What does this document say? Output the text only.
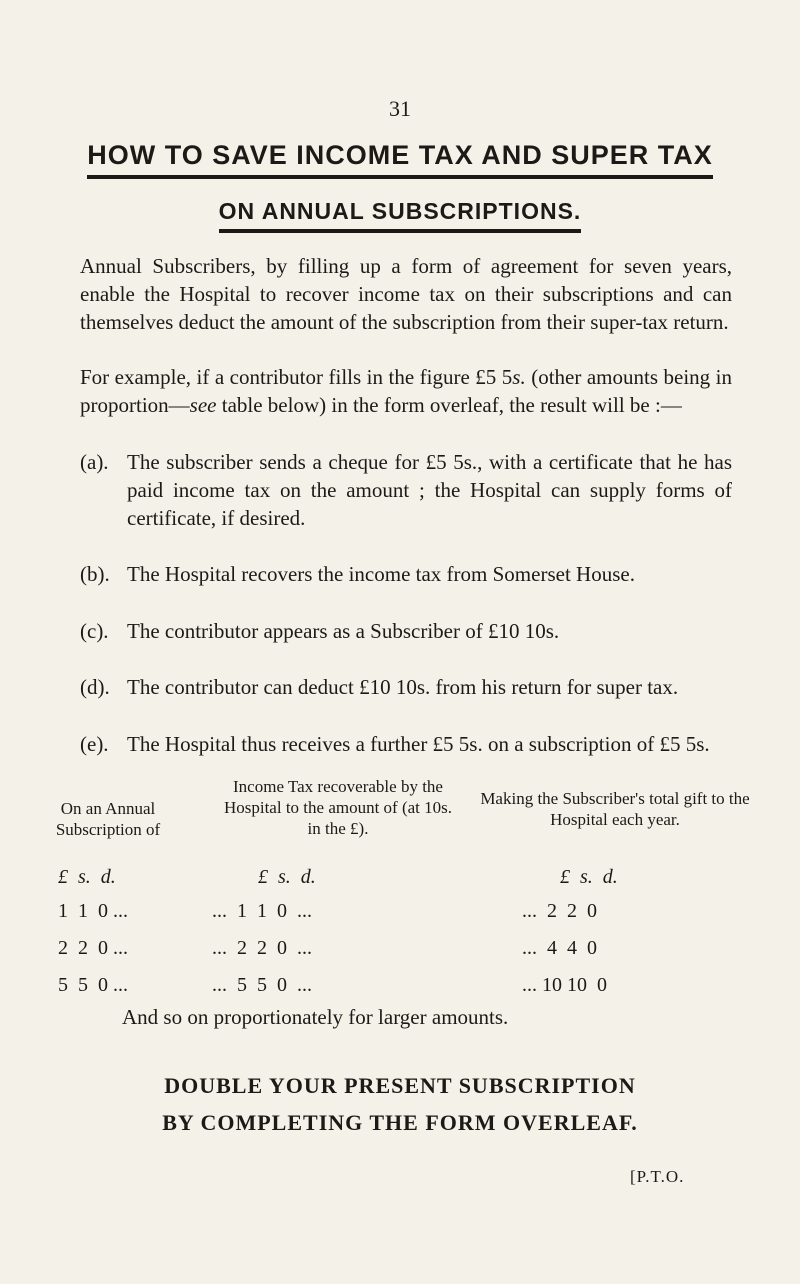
31
HOW TO SAVE INCOME TAX AND SUPER TAX
ON ANNUAL SUBSCRIPTIONS.

Annual Subscribers, by filling up a form of agreement for seven years, enable the Hospital to recover income tax on their subscriptions and can themselves deduct the amount of the subscription from their super-tax return.

For example, if a contributor fills in the figure £5 5s. (other amounts being in proportion—see table below) in the form overleaf, the result will be :—

(a). The subscriber sends a cheque for £5 5s., with a certificate that he has paid income tax on the amount ; the Hospital can supply forms of certificate, if desired.
(b). The Hospital recovers the income tax from Somerset House.
(c). The contributor appears as a Subscriber of £10 10s.
(d). The contributor can deduct £10 10s. from his return for super tax.
(e). The Hospital thus receives a further £5 5s. on a subscription of £5 5s.
On an Annual Subscription of
Income Tax recoverable by the Hospital to the amount of (at 10s. in the £).
Making the Subscriber's total gift to the Hospital each year.
£  s.  d.	£  s.  d.	£  s.  d.
1  1  0 ...	...  1  1  0  ...	...  2  2  0
2  2  0 ...	...  2  2  0  ...	...  4  4  0
5  5  0 ...	...  5  5  0  ...	... 10 10  0
And so on proportionately for larger amounts.
DOUBLE YOUR PRESENT SUBSCRIPTION
BY COMPLETING THE FORM OVERLEAF.
[P.T.O.
